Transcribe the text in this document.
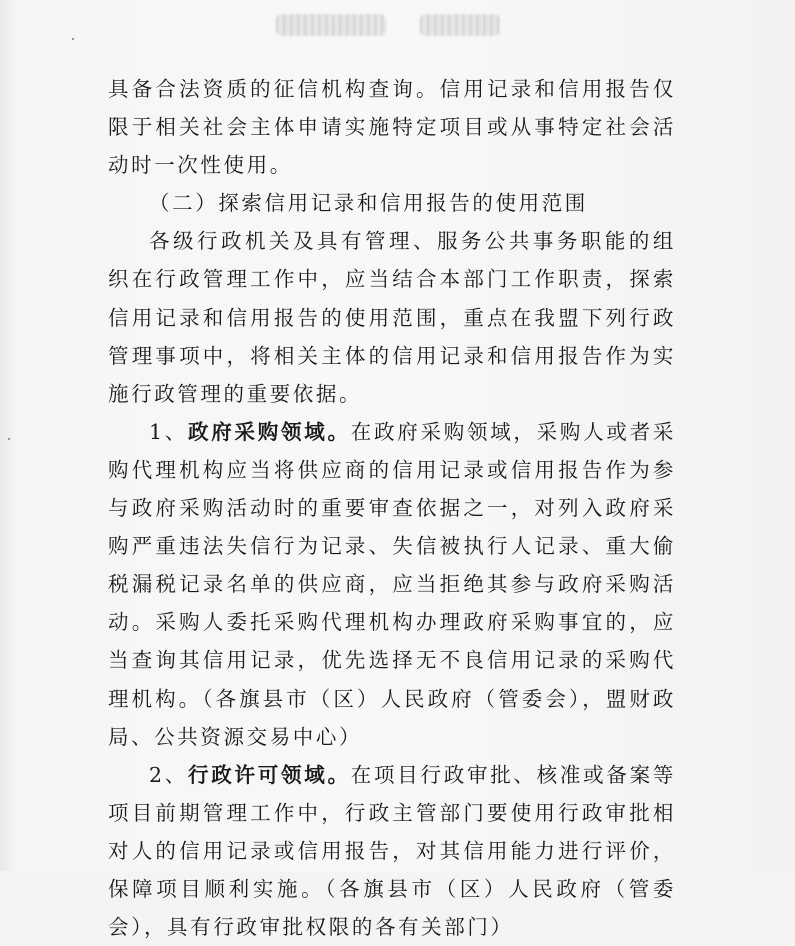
具备合法资质的征信机构查询。信用记录和信用报告仅限于相关社会主体申请实施特定项目或从事特定社会活动时一次性使用。

（二）探索信用记录和信用报告的使用范围

各级行政机关及具有管理、服务公共事务职能的组织在行政管理工作中，应当结合本部门工作职责，探索信用记录和信用报告的使用范围，重点在我盟下列行政管理事项中，将相关主体的信用记录和信用报告作为实施行政管理的重要依据。

1、政府采购领域。在政府采购领域，采购人或者采购代理机构应当将供应商的信用记录或信用报告作为参与政府采购活动时的重要审查依据之一，对列入政府采购严重违法失信行为记录、失信被执行人记录、重大偷税漏税记录名单的供应商，应当拒绝其参与政府采购活动。采购人委托采购代理机构办理政府采购事宜的，应当查询其信用记录，优先选择无不良信用记录的采购代理机构。（各旗县市（区）人民政府（管委会），盟财政局、公共资源交易中心）

2、行政许可领域。在项目行政审批、核准或备案等项目前期管理工作中，行政主管部门要使用行政审批相对人的信用记录或信用报告，对其信用能力进行评价，保障项目顺利实施。（各旗县市（区）人民政府（管委会），具有行政审批权限的各有关部门）
